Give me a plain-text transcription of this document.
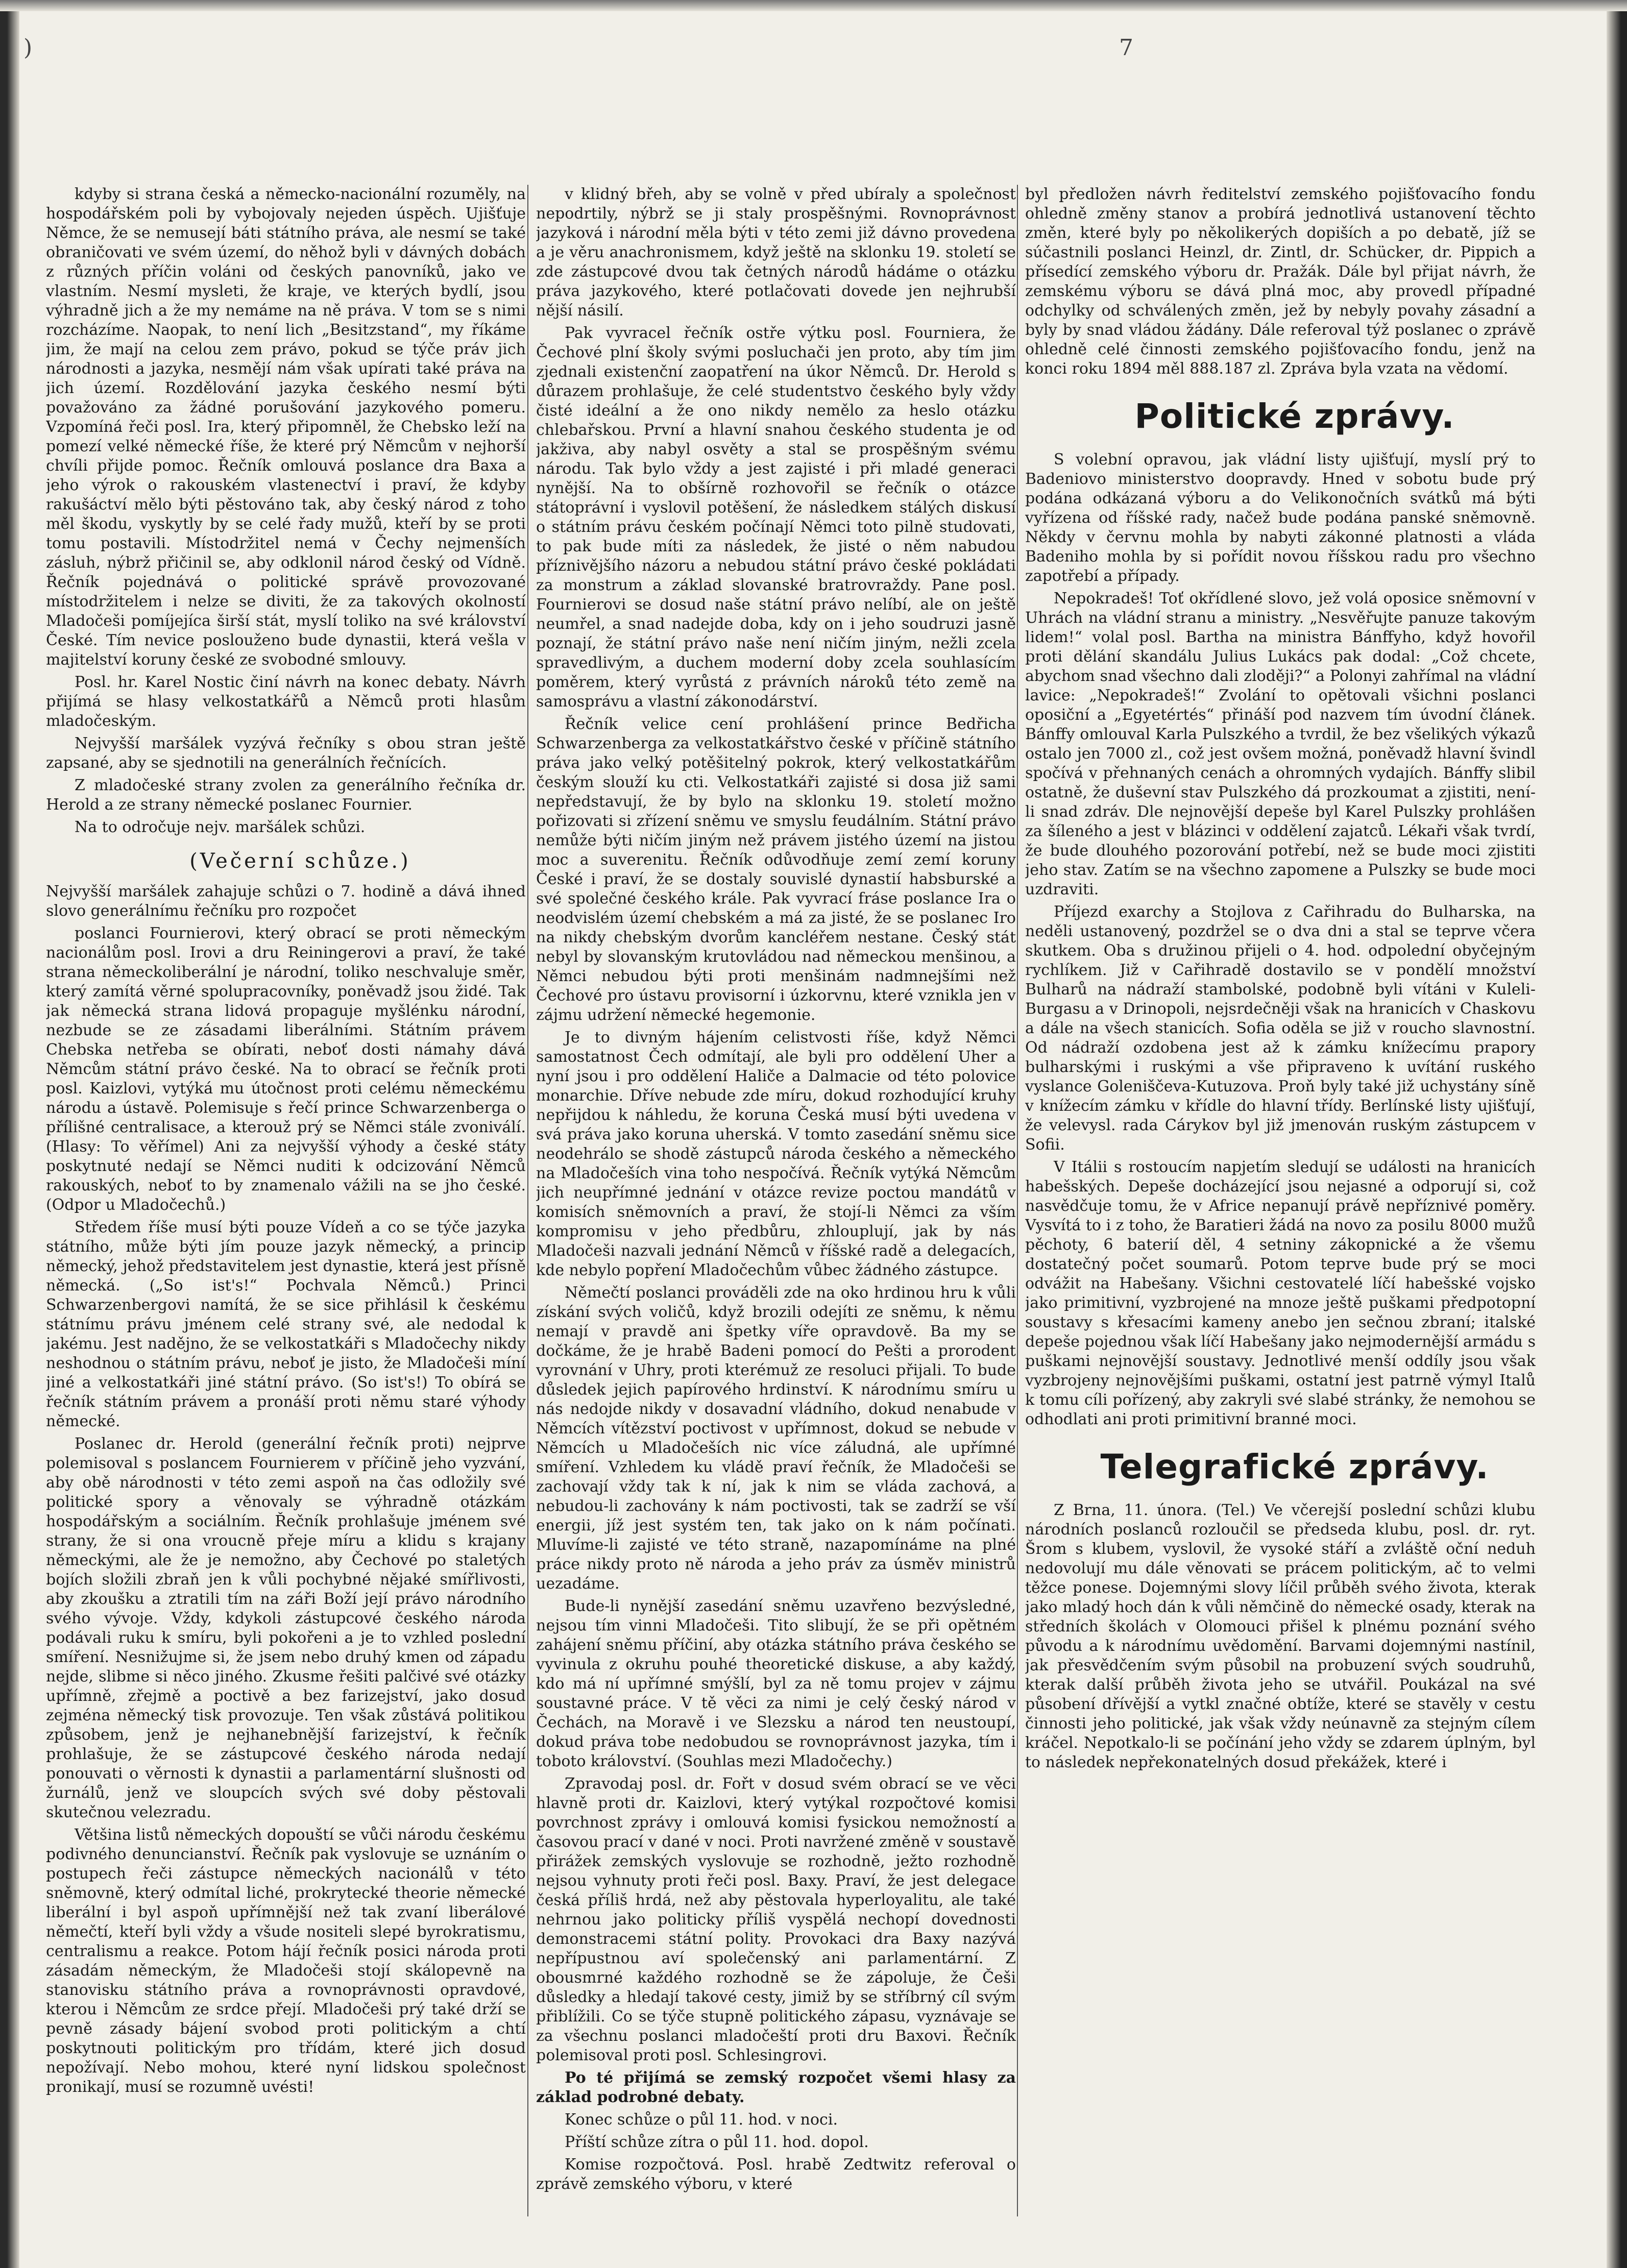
)	7

kdyby si strana česká a německo-nacionální rozuměly, na hospodářském poli by vybojovaly nejeden úspěch. Ujišťuje Němce, že se nemusejí báti státního práva, ale nesmí se také obraničovati ve svém území, do něhož byli v dávných dobách z různých příčin voláni od českých panovníků, jako ve vlastním. Nesmí mysleti, že kraje, ve kterých bydlí, jsou výhradně jich a že my nemáme na ně práva. V tom se s nimi rozcházíme. Naopak, to není lich „Besitzstand“, my říkáme jim, že mají na celou zem právo, pokud se týče práv jich národnosti a jazyka, nesmějí nám však upírati také práva na jich území. Rozdělování jazyka českého nesmí býti považováno za žádné porušování jazykového pomeru. Vzpomíná řeči posl. Ira, který připomněl, že Chebsko leží na pomezí velké německé říše, že které prý Němcům v nejhorší chvíli přijde pomoc. Řečník omlouvá poslance dra Baxa a jeho výrok o rakouském vlastenectví i praví, že kdyby rakušáctví mělo býti pěstováno tak, aby český národ z toho měl škodu, vyskytly by se celé řady mužů, kteří by se proti tomu postavili. Místodržitel nemá v Čechy nejmenších zásluh, nýbrž přičinil se, aby odklonil národ český od Vídně. Řečník pojednává o politické správě provozované místodržitelem i nelze se diviti, že za takových okolností Mladočeši pomíjejíca širší stát, myslí toliko na své království České. Tím nevice poslouženo bude dynastii, která vešla v majitelství koruny české ze svobodné smlouvy.

Posl. hr. Karel Nostic činí návrh na konec debaty. Návrh přijímá se hlasy velkostatkářů a Němců proti hlasům mladočeským.

Nejvyšší maršálek vyzývá řečníky s obou stran ještě zapsané, aby se sjednotili na generálních řečnících.

Z mladočeské strany zvolen za generálního řečníka dr. Herold a ze strany německé poslanec Fournier.

Na to odročuje nejv. maršálek schůzi.

(Večerní schůze.)

Nejvyšší maršálek zahajuje schůzi o 7. hodině a dává ihned slovo generálnímu řečníku pro rozpočet

poslanci Fournierovi, který obrací se proti německým nacionálům posl. Irovi a dru Reiningerovi a praví, že také strana německoliberální je národní, toliko neschvaluje směr, který zamítá věrné spolupracovníky, poněvadž jsou židé. Tak jak německá strana lidová propaguje myšlénku národní, nezbude se ze zásadami liberálními. Státním právem Chebska netřeba se obírati, neboť dosti námahy dává Němcům státní právo české. Na to obrací se řečník proti posl. Kaizlovi, vytýká mu útočnost proti celému německému národu a ústavě. Polemisuje s řečí prince Schwarzenberga o přílišné centralisace, a kterouž prý se Němci stále zvoniválí. (Hlasy: To věřímel) Ani za nejvyšší výhody a české státy poskytnuté nedají se Němci nuditi k odcizování Němců rakouských, neboť to by znamenalo vážili na se jho české. (Odpor u Mladočechů.)

Středem říše musí býti pouze Vídeň a co se týče jazyka státního, může býti jím pouze jazyk německý, a princip německý, jehož představitelem jest dynastie, která jest přísně německá. („So ist's!“ Pochvala Němců.) Princi Schwarzenbergovi namítá, že se sice přihlásil k českému státnímu právu jménem celé strany své, ale nedodal k jakému. Jest nadějno, že se velkostatkáři s Mladočechy nikdy neshodnou o státním právu, neboť je jisto, že Mladočeši míní jiné a velkostatkáři jiné státní právo. (So ist's!) To obírá se řečník státním právem a pronáší proti němu staré výhody německé.

Poslanec dr. Herold (generální řečník proti) nejprve polemisoval s poslancem Fournierem v příčině jeho vyzvání, aby obě národnosti v této zemi aspoň na čas odložily své politické spory a věnovaly se výhradně otázkám hospodářským a sociálním. Řečník prohlašuje jménem své strany, že si ona vroucně přeje míru a klidu s krajany německými, ale že je nemožno, aby Čechové po staletých bojích složili zbraň jen k vůli pochybné nějaké smířlivosti, aby zkoušku a ztratili tím na záři Boží její právo národního svého vývoje. Vždy, kdykoli zástupcové českého národa podávali ruku k smíru, byli pokořeni a je to vzhled poslední smíření. Nesnižujme si, že jsem nebo druhý kmen od západu nejde, slibme si něco jiného. Zkusme řešiti palčivé své otázky upřímně, zřejmě a poctivě a bez farizejství, jako dosud zejména německý tisk provozuje. Ten však zůstává politikou způsobem, jenž je nejhanebnější farizejství, k řečník prohlašuje, že se zástupcové českého národa nedají ponouvati o věrnosti k dynastii a parlamentární slušnosti od žurnálů, jenž ve sloupcích svých své doby pěstovali skutečnou velezradu.

Většina listů německých dopouští se vůči národu českému podivného denuncianství. Řečník pak vyslovuje se uznáním o postupech řeči zástupce německých nacionálů v této sněmovně, který odmítal liché, prokrytecké theorie německé liberální i byl aspoň upřímnější než tak zvaní liberálové němečtí, kteří byli vždy a všude nositeli slepé byrokratismu, centralismu a reakce. Potom hájí řečník posici národa proti zásadám německým, že Mladočeši stojí skálopevně na stanovisku státního práva a rovnoprávnosti opravdové, kterou i Němcům ze srdce přejí. Mladočeši prý také drží se pevně zásady bájení svobod proti politickým a chtí poskytnouti politickým pro třídám, které jich dosud nepožívají. Nebo mohou, které nyní lidskou společnost pronikají, musí se rozumně uvésti!

v klidný břeh, aby se volně v před ubíraly a společnost nepodrtily, nýbrž se ji staly prospěšnými. Rovnoprávnost jazyková i národní měla býti v této zemi již dávno provedena a je věru anachronismem, když ještě na sklonku 19. století se zde zástupcové dvou tak četných národů hádáme o otázku práva jazykového, které potlačovati dovede jen nejhrubší nější násilí.

Pak vyvracel řečník ostře výtku posl. Fourniera, že Čechové plní školy svými posluchači jen proto, aby tím jim zjednali existenční zaopatření na úkor Němců. Dr. Herold s důrazem prohlašuje, že celé studentstvo českého byly vždy čisté ideální a že ono nikdy nemělo za heslo otázku chlebařskou. První a hlavní snahou českého studenta je od jakživa, aby nabyl osvěty a stal se prospěšným svému národu. Tak bylo vždy a jest zajisté i při mladé generaci nynější. Na to obšírně rozhovořil se řečník o otázce státoprávní i vyslovil potěšení, že následkem stálých diskusí o státním právu českém počínají Němci toto pilně studovati, to pak bude míti za následek, že jisté o něm nabudou příznivějšího názoru a nebudou státní právo české pokládati za monstrum a základ slovanské bratrovraždy. Pane posl. Fournierovi se dosud naše státní právo nelíbí, ale on ještě neumřel, a snad nadejde doba, kdy on i jeho soudruzi jasně poznají, že státní právo naše není ničím jiným, nežli zcela spravedlivým, a duchem moderní doby zcela souhlasícím poměrem, který vyrůstá z právních nároků této země na samosprávu a vlastní zákonodárství.

Řečník velice cení prohlášení prince Bedřicha Schwarzenberga za velkostatkářstvo české v příčině státního práva jako velký potěšitelný pokrok, který velkostatkářům českým slouží ku cti. Velkostatkáři zajisté si dosa již sami nepředstavují, že by bylo na sklonku 19. století možno pořizovati si zřízení sněmu ve smyslu feudálním. Státní právo nemůže býti ničím jiným než právem jistého území na jistou moc a suverenitu. Řečník odůvodňuje zemí zemí koruny České i praví, že se dostaly souvislé dynastií habsburské a své společné českého krále. Pak vyvrací fráse poslance Ira o neodvislém území chebském a má za jisté, že se poslanec Iro na nikdy chebským dvorům kancléřem nestane. Český stát nebyl by slovanským krutovládou nad německou menšinou, a Němci nebudou býti proti menšinám nadmnejšími než Čechové pro ústavu provisorní i úzkorvnu, které vznikla jen v zájmu udržení německé hegemonie.

Je to divným hájením celistvosti říše, když Němci samostatnost Čech odmítají, ale byli pro oddělení Uher a nyní jsou i pro oddělení Haliče a Dalmacie od této polovice monarchie. Dříve nebude zde míru, dokud rozhodující kruhy nepřijdou k náhledu, že koruna Česká musí býti uvedena v svá práva jako koruna uherská. V tomto zasedání sněmu sice neodehrálo se shodě zástupců národa českého a německého na Mladočeších vina toho nespočívá. Řečník vytýká Němcům jich neupřímné jednání v otázce revize poctou mandátů v komisích sněmovních a praví, že stojí-li Němci za vším kompromisu v jeho předbůru, zhlouplují, jak by nás Mladočeši nazvali jednání Němců v říšské radě a delegacích, kde nebylo popření Mladočechům vůbec žádného zástupce.

Němečtí poslanci prováděli zde na oko hrdinou hru k vůli získání svých voličů, když brozili odejíti ze sněmu, k němu nemají v pravdě ani špetky víře opravdově. Ba my se dočkáme, že je hrabě Badeni pomocí do Pešti a prorodent vyrovnání v Uhry, proti kterémuž ze resoluci přijali. To bude důsledek jejich papírového hrdinství. K národnímu smíru u nás nedojde nikdy v dosavadní vládního, dokud nenabude v Němcích vítězství poctivost v upřímnost, dokud se nebude v Němcích u Mladočeších nic více záludná, ale upřímné smíření. Vzhledem ku vládě praví řečník, že Mladočeši se zachovají vždy tak k ní, jak k nim se vláda zachová, a nebudou-li zachovány k nám poctivosti, tak se zadrží se vší energii, jíž jest systém ten, tak jako on k nám počínati. Mluvíme-li zajisté ve této straně, nazapomínáme na plné práce nikdy proto ně národa a jeho práv za úsměv ministrů uezadáme.

Bude-li nynější zasedání sněmu uzavřeno bezvýsledné, nejsou tím vinni Mladočeši. Tito slibují, že se při opětném zahájení sněmu příčiní, aby otázka státního práva českého se vyvinula z okruhu pouhé theoretické diskuse, a aby každý, kdo má ní upřímné smýšlí, byl za ně tomu projev v zájmu soustavné práce. V tě věci za nimi je celý český národ v Čechách, na Moravě i ve Slezsku a národ ten neustoupí, dokud práva tobe nedobudou se rovnoprávnost jazyka, tím i toboto království. (Souhlas mezi Mladočechy.)

Zpravodaj posl. dr. Fořt v dosud svém obrací se ve věci hlavně proti dr. Kaizlovi, který vytýkal rozpočtové komisi povrchnost zprávy i omlouvá komisi fysickou nemožností a časovou prací v dané v noci. Proti navržené změně v soustavě přirážek zemských vyslovuje se rozhodně, ježto rozhodně nejsou vyhnuty proti řeči posl. Baxy. Praví, že jest delegace česká příliš hrdá, než aby pěstovala hyperloyalitu, ale také nehrnou jako politicky příliš vyspělá nechopí dovednosti demonstracemi státní polity. Provokaci dra Baxy nazývá nepřípustnou aví společenský ani parlamentární. Z obousmrné každého rozhodně se že zápoluje, že Češi důsledky a hledají takové cesty, jimiž by se stříbrný cíl svým přiblížili. Co se týče stupně politického zápasu, vyznávaje se za všechnu poslanci mladočeští proti dru Baxovi. Řečník polemisoval proti posl. Schlesingrovi.

Po té přijímá se zemský rozpočet všemi hlasy za základ podrobné debaty.

Konec schůze o půl 11. hod. v noci.

Příští schůze zítra o půl 11. hod. dopol.

Komise rozpočtová. Posl. hrabě Zedtwitz referoval o zprávě zemského výboru, v které

byl předložen návrh ředitelství zemského pojišťovacího fondu ohledně změny stanov a probírá jednotlivá ustanovení těchto změn, které byly po několikerých dopiších a po debatě, jíž se súčastnili poslanci Heinzl, dr. Zintl, dr. Schücker, dr. Pippich a přísedící zemského výboru dr. Pražák. Dále byl přijat návrh, že zemskému výboru se dává plná moc, aby provedl případné odchylky od schválených změn, jež by nebyly povahy zásadní a byly by snad vládou žádány. Dále referoval týž poslanec o zprávě ohledně celé činnosti zemského pojišťovacího fondu, jenž na konci roku 1894 měl 888.187 zl. Zpráva byla vzata na vědomí.

Politické zprávy.

S volební opravou, jak vládní listy ujišťují, myslí prý to Badeniovo ministerstvo doopravdy. Hned v sobotu bude prý podána odkázaná výboru a do Velikonočních svátků má býti vyřízena od říšské rady, načež bude podána panské sněmovně. Někdy v červnu mohla by nabyti zákonné platnosti a vláda Badeniho mohla by si pořídit novou říšskou radu pro všechno zapotřebí a případy.

Nepokradeš! Toť okřídlené slovo, jež volá oposice sněmovní v Uhrách na vládní stranu a ministry. „Nesvěřujte panuze takovým lidem!“ volal posl. Bartha na ministra Bánffyho, když hovořil proti dělání skandálu Julius Lukács pak dodal: „Což chcete, abychom snad všechno dali zloději?“ a Polonyi zahřímal na vládní lavice: „Nepokradeš!“ Zvolání to opětovali všichni poslanci oposiční a „Egyetértés“ přináší pod nazvem tím úvodní článek. Bánffy omlouval Karla Pulszkého a tvrdil, že bez všelikých výkazů ostalo jen 7000 zl., což jest ovšem možná, poněvadž hlavní švindl spočívá v přehnaných cenách a ohromných vydajích. Bánffy slibil ostatně, že duševní stav Pulszkého dá prozkoumat a zjistiti, není-li snad zdráv. Dle nejnovější depeše byl Karel Pulszky prohlášen za šíleného a jest v blázinci v oddělení zajatců. Lékaři však tvrdí, že bude dlouhého pozorování potřebí, než se bude moci zjistiti jeho stav. Zatím se na všechno zapomene a Pulszky se bude moci uzdraviti.

Příjezd exarchy a Stojlova z Cařihradu do Bulharska, na neděli ustanovený, pozdržel se o dva dni a stal se teprve včera skutkem. Oba s družinou přijeli o 4. hod. odpolední obyčejným rychlíkem. Již v Cařihradě dostavilo se v pondělí množství Bulharů na nádraží stambolské, podobně byli vítáni v Kuleli-Burgasu a v Drinopoli, nejsrdečněji však na hranicích v Chaskovu a dále na všech stanicích. Sofia oděla se již v roucho slavnostní. Od nádraží ozdobena jest až k zámku knížecímu prapory bulharskými i ruskými a vše připraveno k uvítání ruského vyslance Goleniščeva-Kutuzova. Proň byly také již uchystány síně v knížecím zámku v křídle do hlavní třídy. Berlínské listy ujišťují, že velevysl. rada Cárykov byl již jmenován ruským zástupcem v Sofii.

V Itálii s rostoucím napjetím sledují se události na hranicích habešských. Depeše docházející jsou nejasné a odporují si, což nasvědčuje tomu, že v Africe nepanují právě nepříznivé poměry. Vysvítá to i z toho, že Baratieri žádá na novo za posilu 8000 mužů pěchoty, 6 baterií děl, 4 setniny zákopnické a že všemu dostatečný počet soumarů. Potom teprve bude prý se moci odvážit na Habešany. Všichni cestovatelé líčí habešské vojsko jako primitivní, vyzbrojené na mnoze ještě puškami předpotopní soustavy s křesacími kameny anebo jen sečnou zbraní; italské depeše pojednou však líčí Habešany jako nejmodernější armádu s puškami nejnovější soustavy. Jednotlivé menší oddíly jsou však vyzbrojeny nejnovějšími puškami, ostatní jest patrně výmyl Italů k tomu cíli pořízený, aby zakryli své slabé stránky, že nemohou se odhodlati ani proti primitivní branné moci.

Telegrafické zprávy.

Z Brna, 11. února. (Tel.) Ve včerejší poslední schůzi klubu národních poslanců rozloučil se předseda klubu, posl. dr. ryt. Šrom s klubem, vyslovil, že vysoké stáří a zvláště oční neduh nedovolují mu dále věnovati se prácem politickým, ač to velmi těžce ponese. Dojemnými slovy líčil průběh svého života, kterak jako mladý hoch dán k vůli němčině do německé osady, kterak na středních školách v Olomouci přišel k plnému poznání svého původu a k národnímu uvědomění. Barvami dojemnými nastínil, jak přesvědčením svým působil na probuzení svých soudruhů, kterak další průběh života jeho se utvářil. Poukázal na své působení dřívější a vytkl značné obtíže, které se stavěly v cestu činnosti jeho politické, jak však vždy neúnavně za stejným cílem kráčel. Nepotkalo-li se počínání jeho vždy se zdarem úplným, byl to následek nepřekonatelných dosud překážek, které i
